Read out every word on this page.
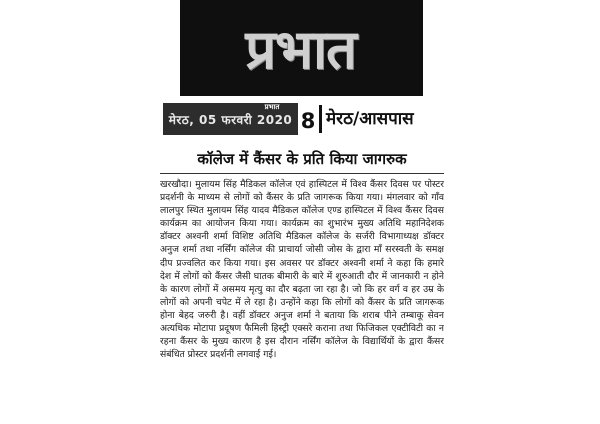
प्रभात
मेरठ, 05 फरवरी 2020
प्रभात
8 मेरठ/आसपास
कॉलेज में कैंसर के प्रति किया जागरुक
खरखौदा। मुलायम सिंह मैडिकल कॉलेज एवं हास्पिटल में विश्व कैंसर दिवस पर पोस्टर प्रदर्शनी के माध्यम से लोगों को कैंसर के प्रति जागरूक किया गया। मंगलवार को गाँव लालपुर स्थित मुलायम सिंह यादव मैडिकल कॉलेज एण्ड हास्पिटल में विश्व कैंसर दिवस कार्यक्रम का आयोजन किया गया। कार्यक्रम का शुभारंभ मुख्य अतिथि महानिदेशक डॉक्टर अश्वनी शर्मा विशिष्ट अतिथि मैडिकल कॉलेज के सर्जरी विभागाध्यक्ष डॉक्टर अनुज शर्मा तथा नर्सिंग कॉलेज की प्राचार्या जोसी जोस के द्वारा माँ सरस्वती के समक्ष दीप प्रज्वलित कर किया गया। इस अवसर पर डॉक्टर अश्वनी शर्मा ने कहा कि हमारे देश में लोगों को कैंसर जैसी घातक बीमारी के बारे में शुरुआती दौर में जानकारी न होने के कारण लोगों में असमय मृत्यु का दौर बढ़ता जा रहा है। जो कि हर वर्ग व हर उम्र के लोगों को अपनी चपेट में ले रहा है। उन्होंने कहा कि लोगों को कैंसर के प्रति जागरूक होना बेहद जरुरी है। वहीं डॉक्टर अनुज शर्मा ने बताया कि शराब पीने तम्बाकू सेवन अत्यधिक मोटापा प्रदूषण फैमिली हिस्ट्री एक्सरे कराना तथा फिजिकल एक्टीविटी का न रहना कैंसर के मुख्य कारण है इस दौरान नर्सिंग कॉलेज के विद्यार्थियों के द्वारा कैंसर संबंधित प्रोस्टर प्रदर्शनी लगवाई गई।
